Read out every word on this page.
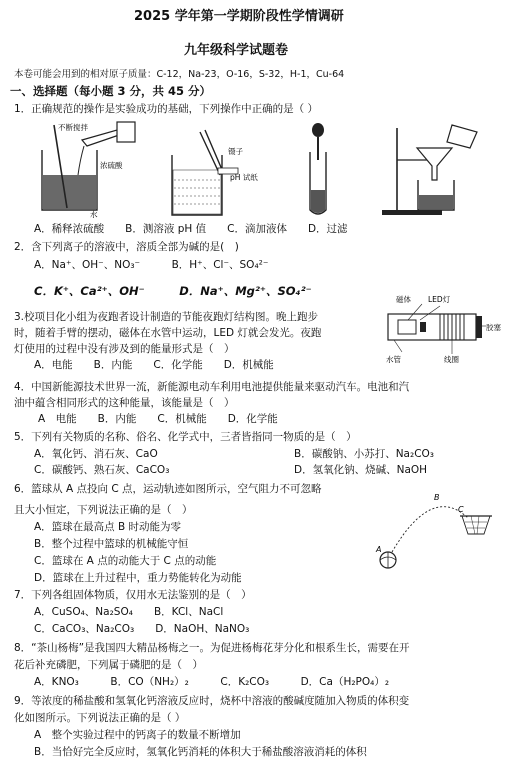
2025 学年第一学期阶段性学情调研
九年级科学试题卷
本卷可能会用到的相对原子质量：C-12，Na-23，O-16，S-32，H-1，Cu-64
一、选择题（每小题 3 分，共 45 分）
1．正确规范的操作是实验成功的基础，下列操作中正确的是（ ）
不断搅拌
浓硫酸
水
镊子
pH 试纸
A．稀释浓硫酸　　B．测溶液 pH 值　　C．滴加液体　　D．过滤
2．含下列离子的溶液中，溶质全部为碱的是(　)
A．Na⁺、OH⁻、NO₃⁻　　　B．H⁺、Cl⁻、SO₄²⁻
C．K⁺、Ca²⁺、OH⁻　　　D．Na⁺、Mg²⁺、SO₄²⁻
3.校项目化小组为夜跑者设计制造的节能夜跑灯结构图。晚上跑步
时，随着手臂的摆动，磁体在水管中运动，LED 灯就会发光。夜跑
灯使用的过程中没有涉及到的能量形式是（　）
A．电能　　B．内能　　C．化学能　　D．机械能
磁体 LED灯
胶塞
水管	线圈
4．中国新能源技术世界一流，新能源电动车利用电池提供能量来驱动汽车。电池和汽
油中蕴含相同形式的这种能量，该能量是（　）
A　电能　　B．内能　　C．机械能　　D．化学能
5．下列有关物质的名称、俗名、化学式中，三者皆指同一物质的是（　）
A．氧化钙、消石灰、CaO	B．碳酸钠、小苏打、Na₂CO₃
C．碳酸钙、熟石灰、CaCO₃	D．氢氧化钠、烧碱、NaOH
6．篮球从 A 点投向 C 点，运动轨迹如图所示，空气阻力不可忽略
且大小恒定，下列说法正确的是（　）
A．篮球在最高点 B 时动能为零
B．整个过程中篮球的机械能守恒
C．篮球在 A 点的动能大于 C 点的动能
D．篮球在上升过程中，重力势能转化为动能
A
B
C
7．下列各组固体物质，仅用水无法鉴别的是（　）
A．CuSO₄、Na₂SO₄　　B．KCl、NaCl
C．CaCO₃、Na₂CO₃　　D．NaOH、NaNO₃
8．“茶山杨梅”是我国四大精品杨梅之一。为促进杨梅花芽分化和根系生长，需要在开
花后补充磷肥，下列属于磷肥的是（　）
A．KNO₃　　　B．CO（NH₂）₂　　　C．K₂CO₃　　　D．Ca（H₂PO₄）₂
9．等浓度的稀盐酸和氢氧化钙溶液反应时，烧杯中溶液的酸碱度随加入物质的体积变
化如图所示。下列说法正确的是（ ）
A　整个实验过程中的钙离子的数量不断增加
B．当恰好完全反应时，氢氧化钙消耗的体积大于稀盐酸溶液消耗的体积
